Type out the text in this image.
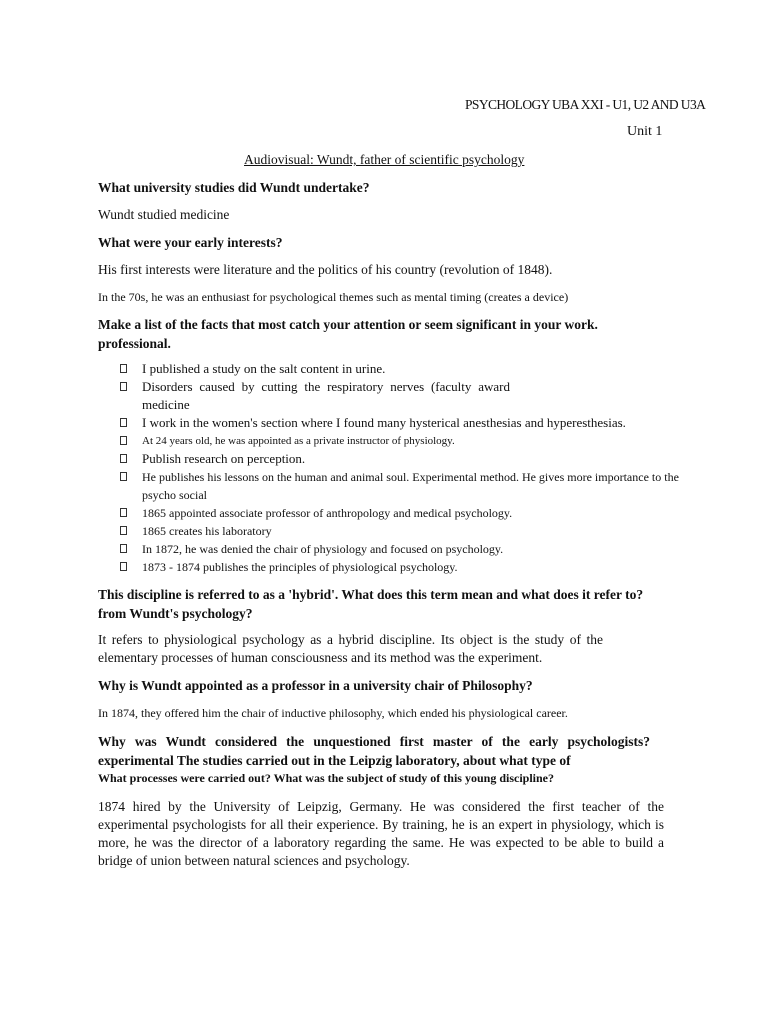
PSYCHOLOGY UBA XXI - U1, U2 AND U3A
Unit 1
Audiovisual: Wundt, father of scientific psychology

What university studies did Wundt undertake?

Wundt studied medicine

What were your early interests?

His first interests were literature and the politics of his country (revolution of 1848).

In the 70s, he was an enthusiast for psychological themes such as mental timing (creates a device)

Make a list of the facts that most catch your attention or seem significant in your work. professional.

I published a study on the salt content in urine.
Disorders caused by cutting the respiratory nerves (faculty award medicine
I work in the women's section where I found many hysterical anesthesias and hyperesthesias.
At 24 years old, he was appointed as a private instructor of physiology.
Publish research on perception.
He publishes his lessons on the human and animal soul. Experimental method. He gives more importance to the psycho social
1865 appointed associate professor of anthropology and medical psychology.
1865 creates his laboratory
In 1872, he was denied the chair of physiology and focused on psychology.
1873 - 1874 publishes the principles of physiological psychology.

This discipline is referred to as a 'hybrid'. What does this term mean and what does it refer to? from Wundt's psychology?

It refers to physiological psychology as a hybrid discipline. Its object is the study of the elementary processes of human consciousness and its method was the experiment.

Why is Wundt appointed as a professor in a university chair of Philosophy?

In 1874, they offered him the chair of inductive philosophy, which ended his physiological career.

Why was Wundt considered the unquestioned first master of the early psychologists? experimental The studies carried out in the Leipzig laboratory, about what type of

What processes were carried out? What was the subject of study of this young discipline?

1874 hired by the University of Leipzig, Germany. He was considered the first teacher of the experimental psychologists for all their experience. By training, he is an expert in physiology, which is more, he was the director of a laboratory regarding the same. He was expected to be able to build a bridge of union between natural sciences and psychology.
